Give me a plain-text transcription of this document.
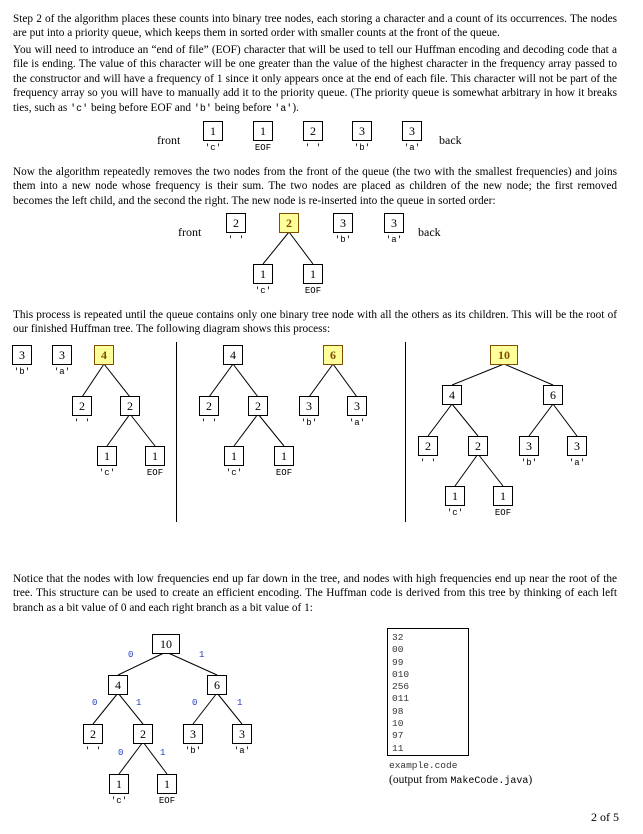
Step 2 of the algorithm places these counts into binary tree nodes, each storing a character and a count of its occurrences. The nodes are put into a priority queue, which keeps them in sorted order with smaller counts at the front of the queue.

You will need to introduce an “end of file” (EOF) character that will be used to tell our Huffman encoding and decoding code that a file is ending. The value of this character will be one greater than the value of the highest character in the frequency array passed to the constructor and will have a frequency of 1 since it only appears once at the end of each file. This character will not be part of the frequency array so you will have to manually add it to the priority queue. (The priority queue is somewhat arbitrary in how it breaks ties, such as 'c' being before EOF and 'b' being before 'a').

front
1
'c'
1
EOF
2
' '
3
'b'
3
'a'
back

Now the algorithm repeatedly removes the two nodes from the front of the queue (the two with the smallest frequencies) and joins them into a new node whose frequency is their sum. The two nodes are placed as children of the new node; the first removed becomes the left child, and the second the right. The new node is re-inserted into the queue in sorted order:

front
2
' '
2	3
'b'
3
'a'
back
1
'c'
1
EOF

This process is repeated until the queue contains only one binary tree node with all the others as its children. This will be the root of our finished Huffman tree. The following diagram shows this process:

3
'b'
3
'a'
4
2
' '
2
1
'c'
1
EOF
4	6
2
' '
2	3
'b'
3
'a'
1
'c'
1
EOF
10
4	6
2
' '
2	3
'b'
3
'a'
1
'c'
1
EOF

Notice that the nodes with low frequencies end up far down in the tree, and nodes with high frequencies end up near the root of the tree. This structure can be used to create an efficient encoding. The Huffman code is derived from this tree by thinking of each left branch as a bit value of 0 and each right branch as a bit value of 1:

10
4	6
2
' '
2	3
'b'
3
'a'
1
'c'
1
EOF
0	1
0	1	0	1
0	1
32
00
99
010
256
011
98
10
97
11
example.code
(output from MakeCode.java)
2 of 5
